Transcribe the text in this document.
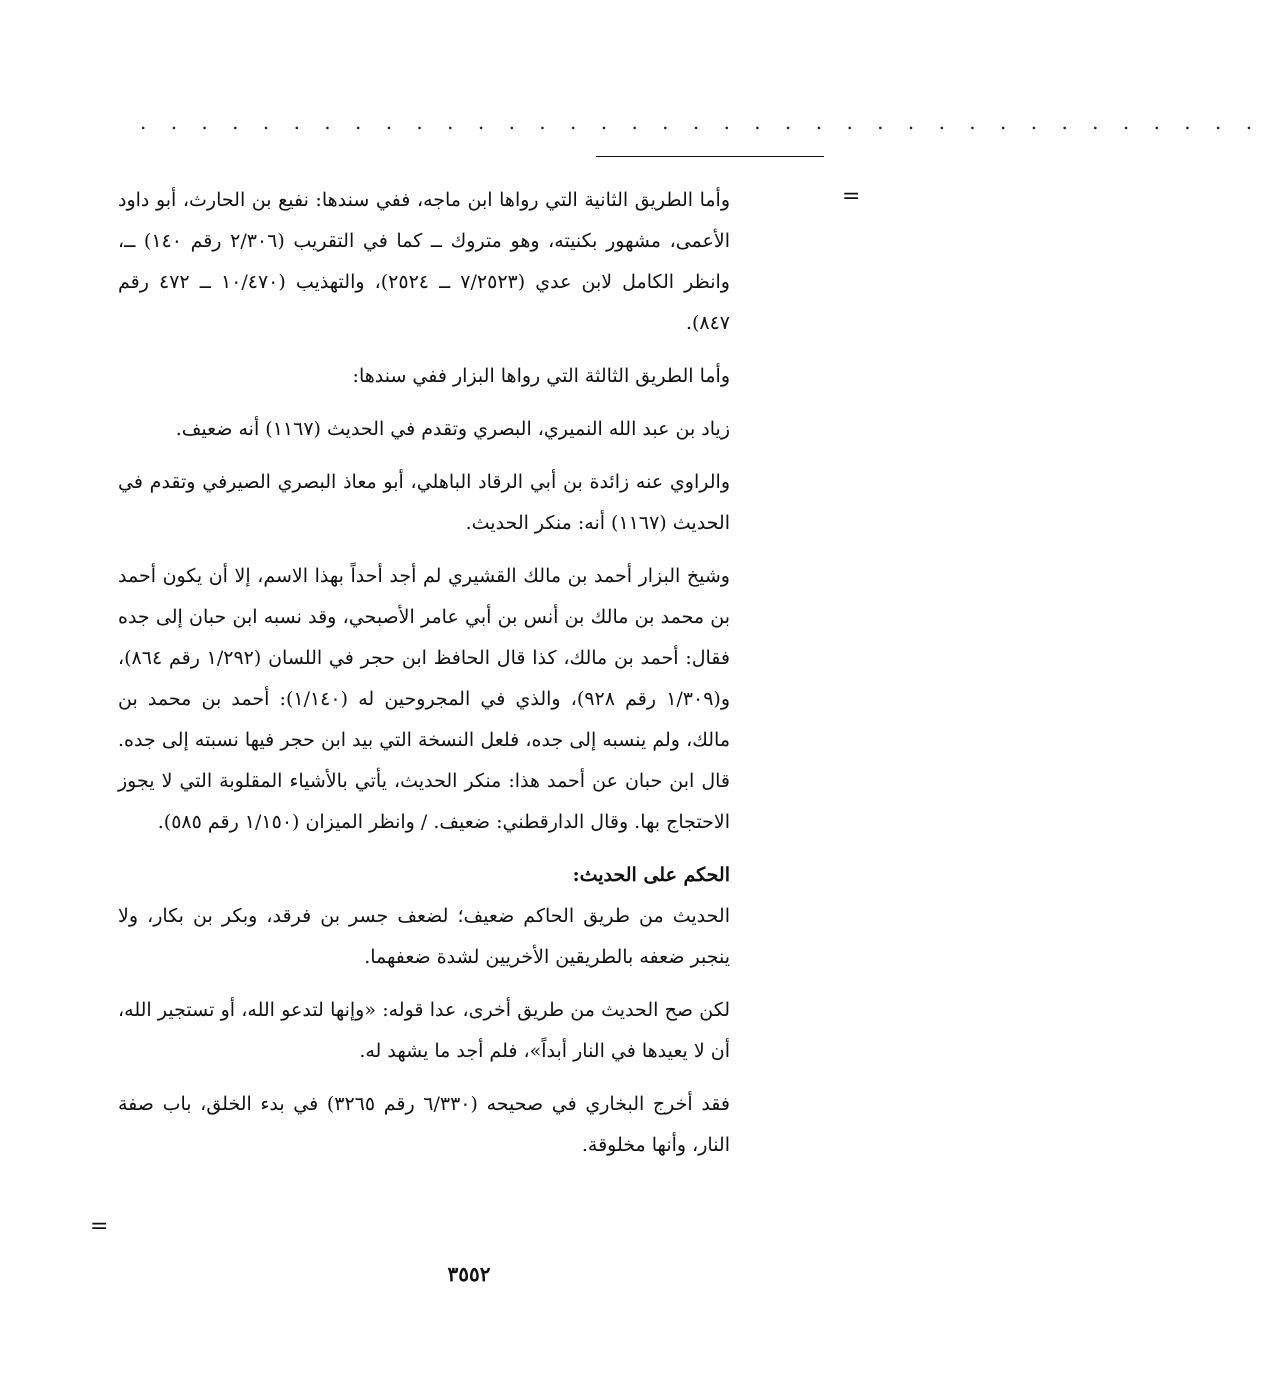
. . . . . . . . . . . . . . . . . . . . . . . . . . . . . . . . . . . . .
=

وأما الطريق الثانية التي رواها ابن ماجه، ففي سندها: نفيع بن الحارث، أبو داود الأعمى، مشهور بكنيته، وهو متروك ــ كما في التقريب (٢/٣٠٦ رقم ١٤٠) ــ، وانظر الكامل لابن عدي (٧/٢٥٢٣ ــ ٢٥٢٤)، والتهذيب (١٠/٤٧٠ ــ ٤٧٢ رقم ٨٤٧).

وأما الطريق الثالثة التي رواها البزار ففي سندها:

زياد بن عبد الله النميري، البصري وتقدم في الحديث (١١٦٧) أنه ضعيف.

والراوي عنه زائدة بن أبي الرقاد الباهلي، أبو معاذ البصري الصيرفي وتقدم في الحديث (١١٦٧) أنه: منكر الحديث.

وشيخ البزار أحمد بن مالك القشيري لم أجد أحداً بهذا الاسم، إلا أن يكون أحمد بن محمد بن مالك بن أنس بن أبي عامر الأصبحي، وقد نسبه ابن حبان إلى جده فقال: أحمد بن مالك، كذا قال الحافظ ابن حجر في اللسان (١/٢٩٢ رقم ٨٦٤)، و(١/٣٠٩ رقم ٩٢٨)، والذي في المجروحين له (١/١٤٠): أحمد بن محمد بن مالك، ولم ينسبه إلى جده، فلعل النسخة التي بيد ابن حجر فيها نسبته إلى جده. قال ابن حبان عن أحمد هذا: منكر الحديث، يأتي بالأشياء المقلوبة التي لا يجوز الاحتجاج بها. وقال الدارقطني: ضعيف. / وانظر الميزان (١/١٥٠ رقم ٥٨٥).

الحكم على الحديث:

الحديث من طريق الحاكم ضعيف؛ لضعف جسر بن فرقد، وبكر بن بكار، ولا ينجبر ضعفه بالطريقين الأخريين لشدة ضعفهما.

لكن صح الحديث من طريق أخرى، عدا قوله: «وإنها لتدعو الله، أو تستجير الله، أن لا يعيدها في النار أبداً»، فلم أجد ما يشهد له.

فقد أخرج البخاري في صحيحه (٦/٣٣٠ رقم ٣٢٦٥) في بدء الخلق، باب صفة النار، وأنها مخلوقة.

=
٣٥٥٢
